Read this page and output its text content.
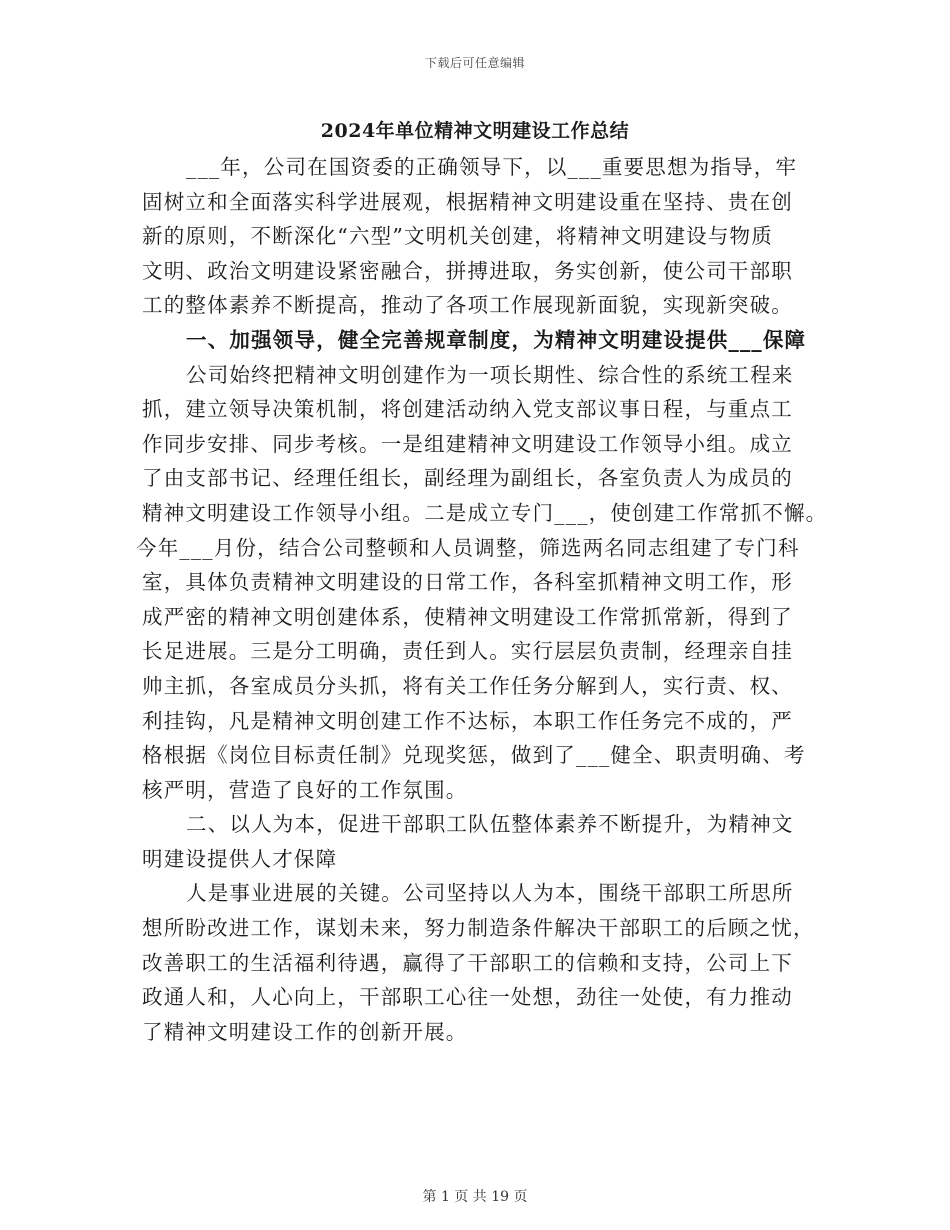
下载后可任意编辑
2024年单位精神文明建设工作总结

___年，公司在国资委的正确领导下，以___重要思想为指导，牢
固树立和全面落实科学进展观，根据精神文明建设重在坚持、贵在创
新的原则，不断深化“六型”文明机关创建，将精神文明建设与物质
文明、政治文明建设紧密融合，拼搏进取，务实创新，使公司干部职
工的整体素养不断提高，推动了各项工作展现新面貌，实现新突破。

一、加强领导，健全完善规章制度，为精神文明建设提供___保障

公司始终把精神文明创建作为一项长期性、综合性的系统工程来
抓，建立领导决策机制，将创建活动纳入党支部议事日程，与重点工
作同步安排、同步考核。一是组建精神文明建设工作领导小组。成立
了由支部书记、经理任组长，副经理为副组长，各室负责人为成员的
精神文明建设工作领导小组。二是成立专门___，使创建工作常抓不懈。
今年___月份，结合公司整顿和人员调整，筛选两名同志组建了专门科
室，具体负责精神文明建设的日常工作，各科室抓精神文明工作，形
成严密的精神文明创建体系，使精神文明建设工作常抓常新，得到了
长足进展。三是分工明确，责任到人。实行层层负责制，经理亲自挂
帅主抓，各室成员分头抓，将有关工作任务分解到人，实行责、权、
利挂钩，凡是精神文明创建工作不达标，本职工作任务完不成的，严
格根据《岗位目标责任制》兑现奖惩，做到了___健全、职责明确、考
核严明，营造了良好的工作氛围。

二、以人为本，促进干部职工队伍整体素养不断提升，为精神文
明建设提供人才保障

人是事业进展的关键。公司坚持以人为本，围绕干部职工所思所
想所盼改进工作，谋划未来，努力制造条件解决干部职工的后顾之忧，
改善职工的生活福利待遇，赢得了干部职工的信赖和支持，公司上下
政通人和，人心向上，干部职工心往一处想，劲往一处使，有力推动
了精神文明建设工作的创新开展。

第 1 页 共 19 页
